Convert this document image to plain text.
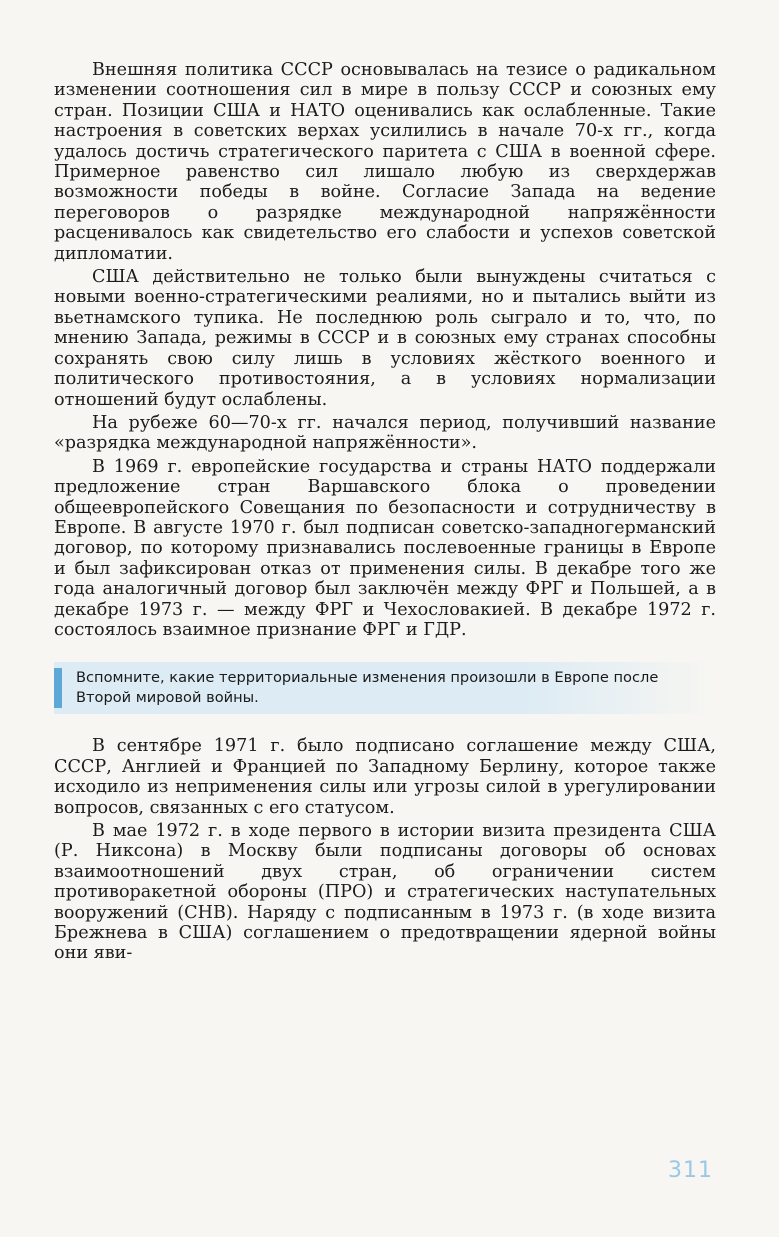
Внешняя политика СССР основывалась на тезисе о радикальном изменении соотношения сил в мире в пользу СССР и союзных ему стран. Позиции США и НАТО оценивались как ослабленные. Такие настроения в советских верхах усилились в начале 70-х гг., когда удалось достичь стратегического паритета с США в военной сфере. Примерное равенство сил лишало любую из сверхдержав возможности победы в войне. Согласие Запада на ведение переговоров о разрядке международной напряжённости расценивалось как свидетельство его слабости и успехов советской дипломатии.

США действительно не только были вынуждены считаться с новыми военно-стратегическими реалиями, но и пытались выйти из вьетнамского тупика. Не последнюю роль сыграло и то, что, по мнению Запада, режимы в СССР и в союзных ему странах способны сохранять свою силу лишь в условиях жёсткого военного и политического противостояния, а в условиях нормализации отношений будут ослаблены.

На рубеже 60—70-х гг. начался период, получивший название «разрядка международной напряжённости».

В 1969 г. европейские государства и страны НАТО поддержали предложение стран Варшавского блока о проведении общеевропейского Совещания по безопасности и сотрудничеству в Европе. В августе 1970 г. был подписан советско-западногерманский договор, по которому признавались послевоенные границы в Европе и был зафиксирован отказ от применения силы. В декабре того же года аналогичный договор был заключён между ФРГ и Польшей, а в декабре 1973 г. — между ФРГ и Чехословакией. В декабре 1972 г. состоялось взаимное признание ФРГ и ГДР.

Вспомните, какие территориальные изменения произошли в Европе после Второй мировой войны.

В сентябре 1971 г. было подписано соглашение между США, СССР, Англией и Францией по Западному Берлину, которое также исходило из неприменения силы или угрозы силой в урегулировании вопросов, связанных с его статусом.

В мае 1972 г. в ходе первого в истории визита президента США (Р. Никсона) в Москву были подписаны договоры об основах взаимоотношений двух стран, об ограничении систем противоракетной обороны (ПРО) и стратегических наступательных вооружений (СНВ). Наряду с подписанным в 1973 г. (в ходе визита Брежнева в США) соглашением о предотвращении ядерной войны они яви-

311
